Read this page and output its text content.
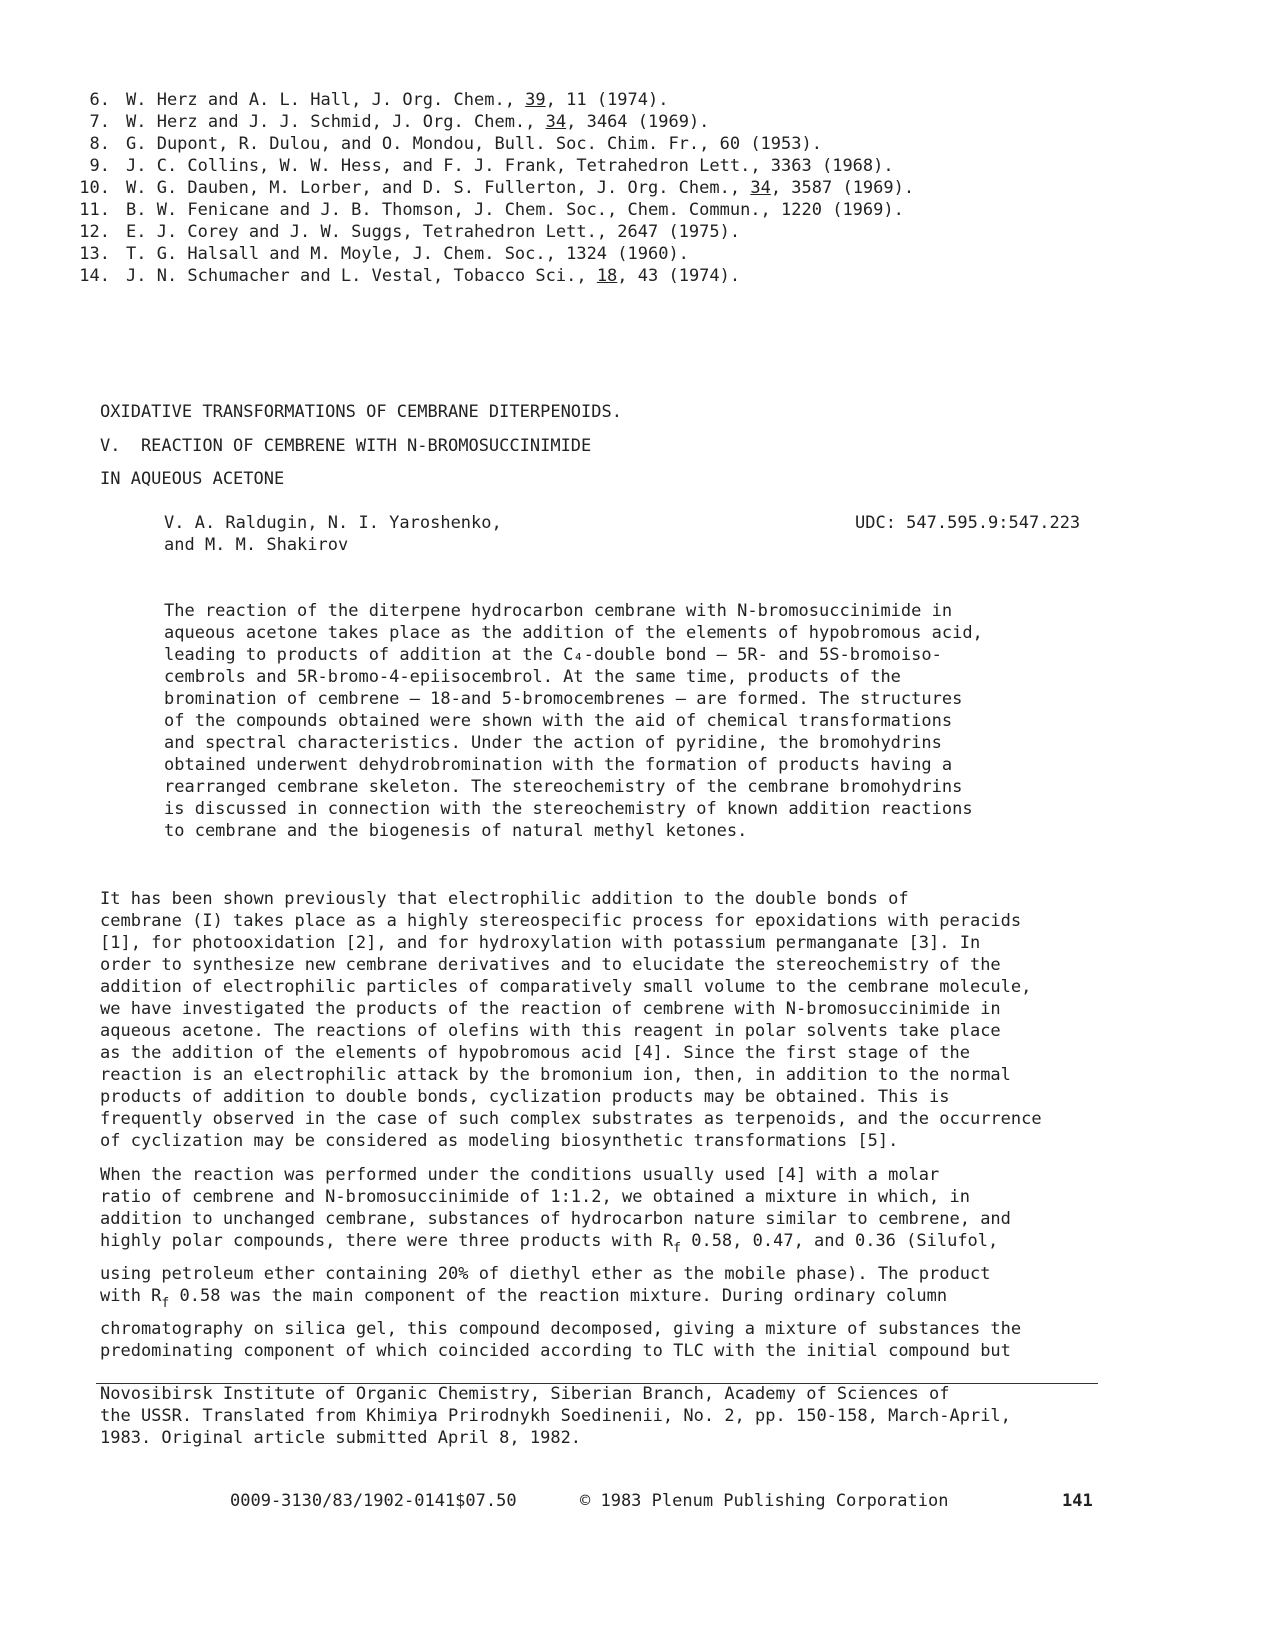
6. W. Herz and A. L. Hall, J. Org. Chem., 39, 11 (1974).
7. W. Herz and J. J. Schmid, J. Org. Chem., 34, 3464 (1969).
8. G. Dupont, R. Dulou, and O. Mondou, Bull. Soc. Chim. Fr., 60 (1953).
9. J. C. Collins, W. W. Hess, and F. J. Frank, Tetrahedron Lett., 3363 (1968).
10. W. G. Dauben, M. Lorber, and D. S. Fullerton, J. Org. Chem., 34, 3587 (1969).
11. B. W. Fenicane and J. B. Thomson, J. Chem. Soc., Chem. Commun., 1220 (1969).
12. E. J. Corey and J. W. Suggs, Tetrahedron Lett., 2647 (1975).
13. T. G. Halsall and M. Moyle, J. Chem. Soc., 1324 (1960).
14. J. N. Schumacher and L. Vestal, Tobacco Sci., 18, 43 (1974).
OXIDATIVE TRANSFORMATIONS OF CEMBRANE DITERPENOIDS.
V.  REACTION OF CEMBRENE WITH N-BROMOSUCCINIMIDE
IN AQUEOUS ACETONE
V. A. Raldugin, N. I. Yaroshenko,
and M. M. Shakirov
UDC: 547.595.9:547.223

The reaction of the diterpene hydrocarbon cembrane with N-bromosuccinimide in

aqueous acetone takes place as the addition of the elements of hypobromous acid,

leading to products of addition at the C₄-double bond — 5R- and 5S-bromoiso-

cembrols and 5R-bromo-4-epiisocembrol. At the same time, products of the

bromination of cembrene — 18-and 5-bromocembrenes — are formed. The structures

of the compounds obtained were shown with the aid of chemical transformations

and spectral characteristics. Under the action of pyridine, the bromohydrins

obtained underwent dehydrobromination with the formation of products having a

rearranged cembrane skeleton. The stereochemistry of the cembrane bromohydrins

is discussed in connection with the stereochemistry of known addition reactions

to cembrane and the biogenesis of natural methyl ketones.

It has been shown previously that electrophilic addition to the double bonds of

cembrane (I) takes place as a highly stereospecific process for epoxidations with peracids

[1], for photooxidation [2], and for hydroxylation with potassium permanganate [3]. In

order to synthesize new cembrane derivatives and to elucidate the stereochemistry of the

addition of electrophilic particles of comparatively small volume to the cembrane molecule,

we have investigated the products of the reaction of cembrene with N-bromosuccinimide in

aqueous acetone. The reactions of olefins with this reagent in polar solvents take place

as the addition of the elements of hypobromous acid [4]. Since the first stage of the

reaction is an electrophilic attack by the bromonium ion, then, in addition to the normal

products of addition to double bonds, cyclization products may be obtained. This is

frequently observed in the case of such complex substrates as terpenoids, and the occurrence

of cyclization may be considered as modeling biosynthetic transformations [5].

When the reaction was performed under the conditions usually used [4] with a molar

ratio of cembrene and N-bromosuccinimide of 1:1.2, we obtained a mixture in which, in

addition to unchanged cembrane, substances of hydrocarbon nature similar to cembrene, and

highly polar compounds, there were three products with $R_f$ 0.58, 0.47, and 0.36 (Silufol,

using petroleum ether containing 20% of diethyl ether as the mobile phase). The product

with $R_f$ 0.58 was the main component of the reaction mixture. During ordinary column

chromatography on silica gel, this compound decomposed, giving a mixture of substances the

predominating component of which coincided according to TLC with the initial compound but

Novosibirsk Institute of Organic Chemistry, Siberian Branch, Academy of Sciences of

the USSR. Translated from Khimiya Prirodnykh Soedinenii, No. 2, pp. 150-158, March-April,

1983. Original article submitted April 8, 1982.

0009-3130/83/1902-0141$07.50	© 1983 Plenum Publishing Corporation	141
